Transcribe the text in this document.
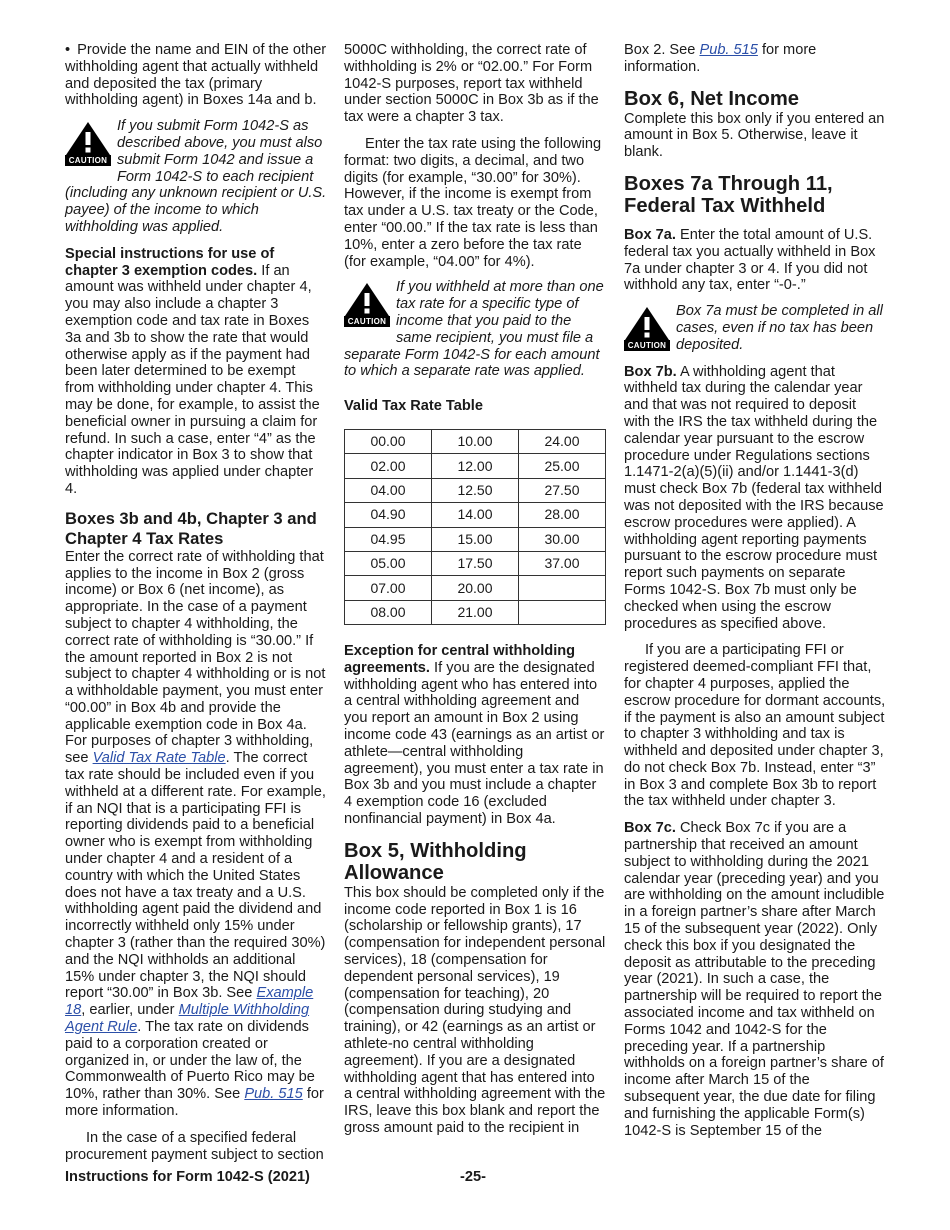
• Provide the name and EIN of the other withholding agent that actually withheld and deposited the tax (primary withholding agent) in Boxes 14a and b.

CAUTION
If you submit Form 1042-S as described above, you must also submit Form 1042 and issue a Form 1042-S to each recipient (including any unknown recipient or U.S. payee) of the income to which withholding was applied.

Special instructions for use of chapter 3 exemption codes. If an amount was withheld under chapter 4, you may also include a chapter 3 exemption code and tax rate in Boxes 3a and 3b to show the rate that would otherwise apply as if the payment had been later determined to be exempt from withholding under chapter 4. This may be done, for example, to assist the beneficial owner in pursuing a claim for refund. In such a case, enter “4” as the chapter indicator in Box 3 to show that withholding was applied under chapter 4.

Boxes 3b and 4b, Chapter 3 and Chapter 4 Tax Rates

Enter the correct rate of withholding that applies to the income in Box 2 (gross income) or Box 6 (net income), as appropriate. In the case of a payment subject to chapter 4 withholding, the correct rate of withholding is “30.00.” If the amount reported in Box 2 is not subject to chapter 4 withholding or is not a withholdable payment, you must enter “00.00” in Box 4b and provide the applicable exemption code in Box 4a. For purposes of chapter 3 withholding, see Valid Tax Rate Table. The correct tax rate should be included even if you withheld at a different rate. For example, if an NQI that is a participating FFI is reporting dividends paid to a beneficial owner who is exempt from withholding under chapter 4 and a resident of a country with which the United States does not have a tax treaty and a U.S. withholding agent paid the dividend and incorrectly withheld only 15% under chapter 3 (rather than the required 30%) and the NQI withholds an additional 15% under chapter 3, the NQI should report “30.00” in Box 3b. See Example 18, earlier, under Multiple Withholding Agent Rule. The tax rate on dividends paid to a corporation created or organized in, or under the law of, the Commonwealth of Puerto Rico may be 10%, rather than 30%. See Pub. 515 for more information.

In the case of a specified federal procurement payment subject to section

5000C withholding, the correct rate of withholding is 2% or “02.00.” For Form 1042-S purposes, report tax withheld under section 5000C in Box 3b as if the tax were a chapter 3 tax.

Enter the tax rate using the following format: two digits, a decimal, and two digits (for example, “30.00” for 30%). However, if the income is exempt from tax under a U.S. tax treaty or the Code, enter “00.00.” If the tax rate is less than 10%, enter a zero before the tax rate (for example, “04.00” for 4%).

CAUTION
If you withheld at more than one tax rate for a specific type of income that you paid to the same recipient, you must file a separate Form 1042-S for each amount to which a separate rate was applied.
Valid Tax Rate Table
00.00	10.00	24.00
02.00	12.00	25.00
04.00	12.50	27.50
04.90	14.00	28.00
04.95	15.00	30.00
05.00	17.50	37.00
07.00	20.00	
08.00	21.00	

Exception for central withholding agreements. If you are the designated withholding agent who has entered into a central withholding agreement and you report an amount in Box 2 using income code 43 (earnings as an artist or athlete—central withholding agreement), you must enter a tax rate in Box 3b and you must include a chapter 4 exemption code 16 (excluded nonfinancial payment) in Box 4a.

Box 5, Withholding Allowance

This box should be completed only if the income code reported in Box 1 is 16 (scholarship or fellowship grants), 17 (compensation for independent personal services), 18 (compensation for dependent personal services), 19 (compensation for teaching), 20 (compensation during studying and training), or 42 (earnings as an artist or athlete-no central withholding agreement). If you are a designated withholding agent that has entered into a central withholding agreement with the IRS, leave this box blank and report the gross amount paid to the recipient in

Box 2. See Pub. 515 for more information.

Box 6, Net Income

Complete this box only if you entered an amount in Box 5. Otherwise, leave it blank.

Boxes 7a Through 11, Federal Tax Withheld

Box 7a. Enter the total amount of U.S. federal tax you actually withheld in Box 7a under chapter 3 or 4. If you did not withhold any tax, enter “-0-.”

CAUTION
Box 7a must be completed in all cases, even if no tax has been deposited.

Box 7b. A withholding agent that withheld tax during the calendar year and that was not required to deposit with the IRS the tax withheld during the calendar year pursuant to the escrow procedure under Regulations sections 1.1471-2(a)(5)(ii) and/or 1.1441-3(d) must check Box 7b (federal tax withheld was not deposited with the IRS because escrow procedures were applied). A withholding agent reporting payments pursuant to the escrow procedure must report such payments on separate Forms 1042-S. Box 7b must only be checked when using the escrow procedures as specified above.

If you are a participating FFI or registered deemed-compliant FFI that, for chapter 4 purposes, applied the escrow procedure for dormant accounts, if the payment is also an amount subject to chapter 3 withholding and tax is withheld and deposited under chapter 3, do not check Box 7b. Instead, enter “3” in Box 3 and complete Box 3b to report the tax withheld under chapter 3.

Box 7c. Check Box 7c if you are a partnership that received an amount subject to withholding during the 2021 calendar year (preceding year) and you are withholding on the amount includible in a foreign partner’s share after March 15 of the subsequent year (2022). Only check this box if you designated the deposit as attributable to the preceding year (2021). In such a case, the partnership will be required to report the associated income and tax withheld on Forms 1042 and 1042-S for the preceding year. If a partnership withholds on a foreign partner’s share of income after March 15 of the subsequent year, the due date for filing and furnishing the applicable Form(s) 1042-S is September 15 of the

Instructions for Form 1042-S (2021)	-25-
